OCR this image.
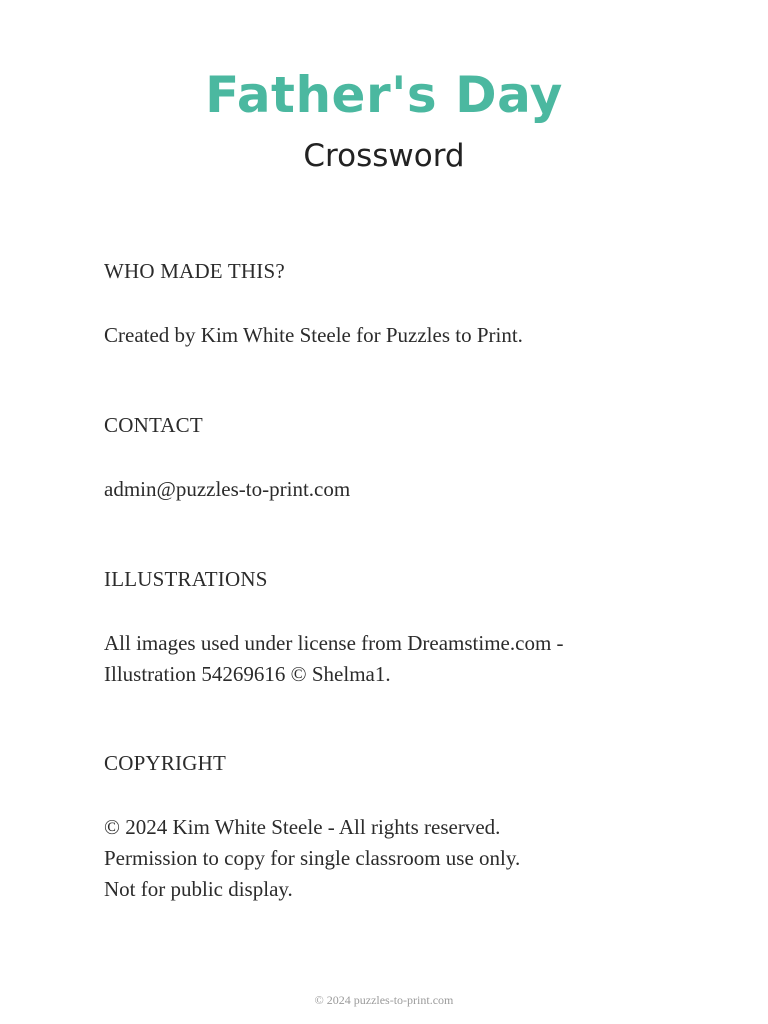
Father's Day
Crossword
WHO MADE THIS?
Created by Kim White Steele for Puzzles to Print.
CONTACT
admin@puzzles-to-print.com
ILLUSTRATIONS
All images used under license from Dreamstime.com -
Illustration 54269616 © Shelma1.
COPYRIGHT
© 2024 Kim White Steele - All rights reserved.
Permission to copy for single classroom use only.
Not for public display.
© 2024 puzzles-to-print.com
